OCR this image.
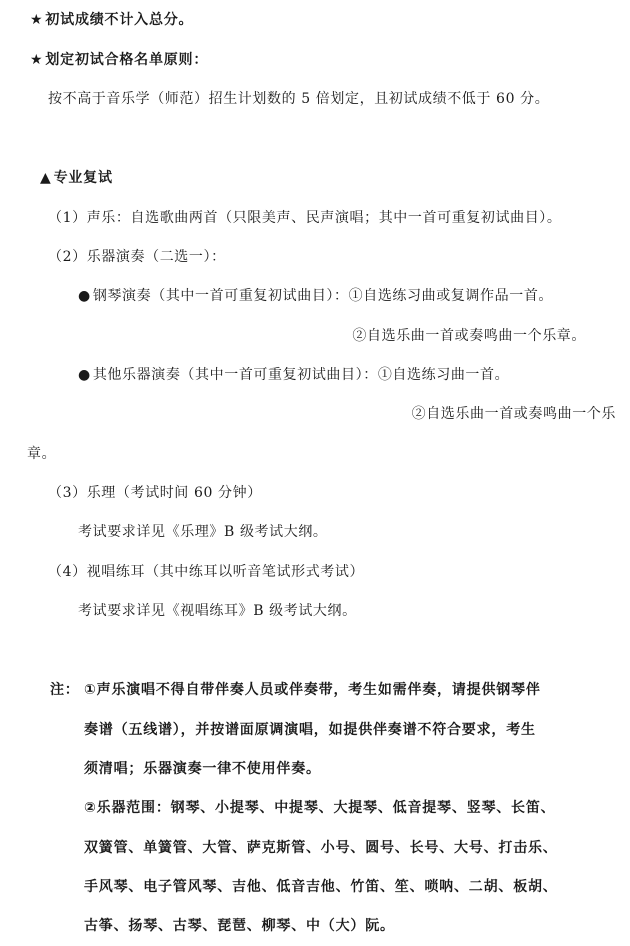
★ 初试成绩不计入总分。
★ 划定初试合格名单原则：
按不高于音乐学（师范）招生计划数的 5 倍划定，且初试成绩不低于 60 分。
▲ 专业复试
（1）声乐：自选歌曲两首（只限美声、民声演唱；其中一首可重复初试曲目）。
（2）乐器演奏（二选一）：
● 钢琴演奏（其中一首可重复初试曲目）：①自选练习曲或复调作品一首。
②自选乐曲一首或奏鸣曲一个乐章。
● 其他乐器演奏（其中一首可重复初试曲目）：①自选练习曲一首。
②自选乐曲一首或奏鸣曲一个乐
章。
（3）乐理（考试时间 60 分钟）
考试要求详见《乐理》B 级考试大纲。
（4）视唱练耳（其中练耳以听音笔试形式考试）
考试要求详见《视唱练耳》B 级考试大纲。
注： ①声乐演唱不得自带伴奏人员或伴奏带，考生如需伴奏，请提供钢琴伴
奏谱（五线谱），并按谱面原调演唱，如提供伴奏谱不符合要求，考生
须清唱；乐器演奏一律不使用伴奏。
②乐器范围：钢琴、小提琴、中提琴、大提琴、低音提琴、竖琴、长笛、
双簧管、单簧管、大管、萨克斯管、小号、圆号、长号、大号、打击乐、
手风琴、电子管风琴、吉他、低音吉他、竹笛、笙、唢呐、二胡、板胡、
古筝、扬琴、古琴、琵琶、柳琴、中（大）阮。
